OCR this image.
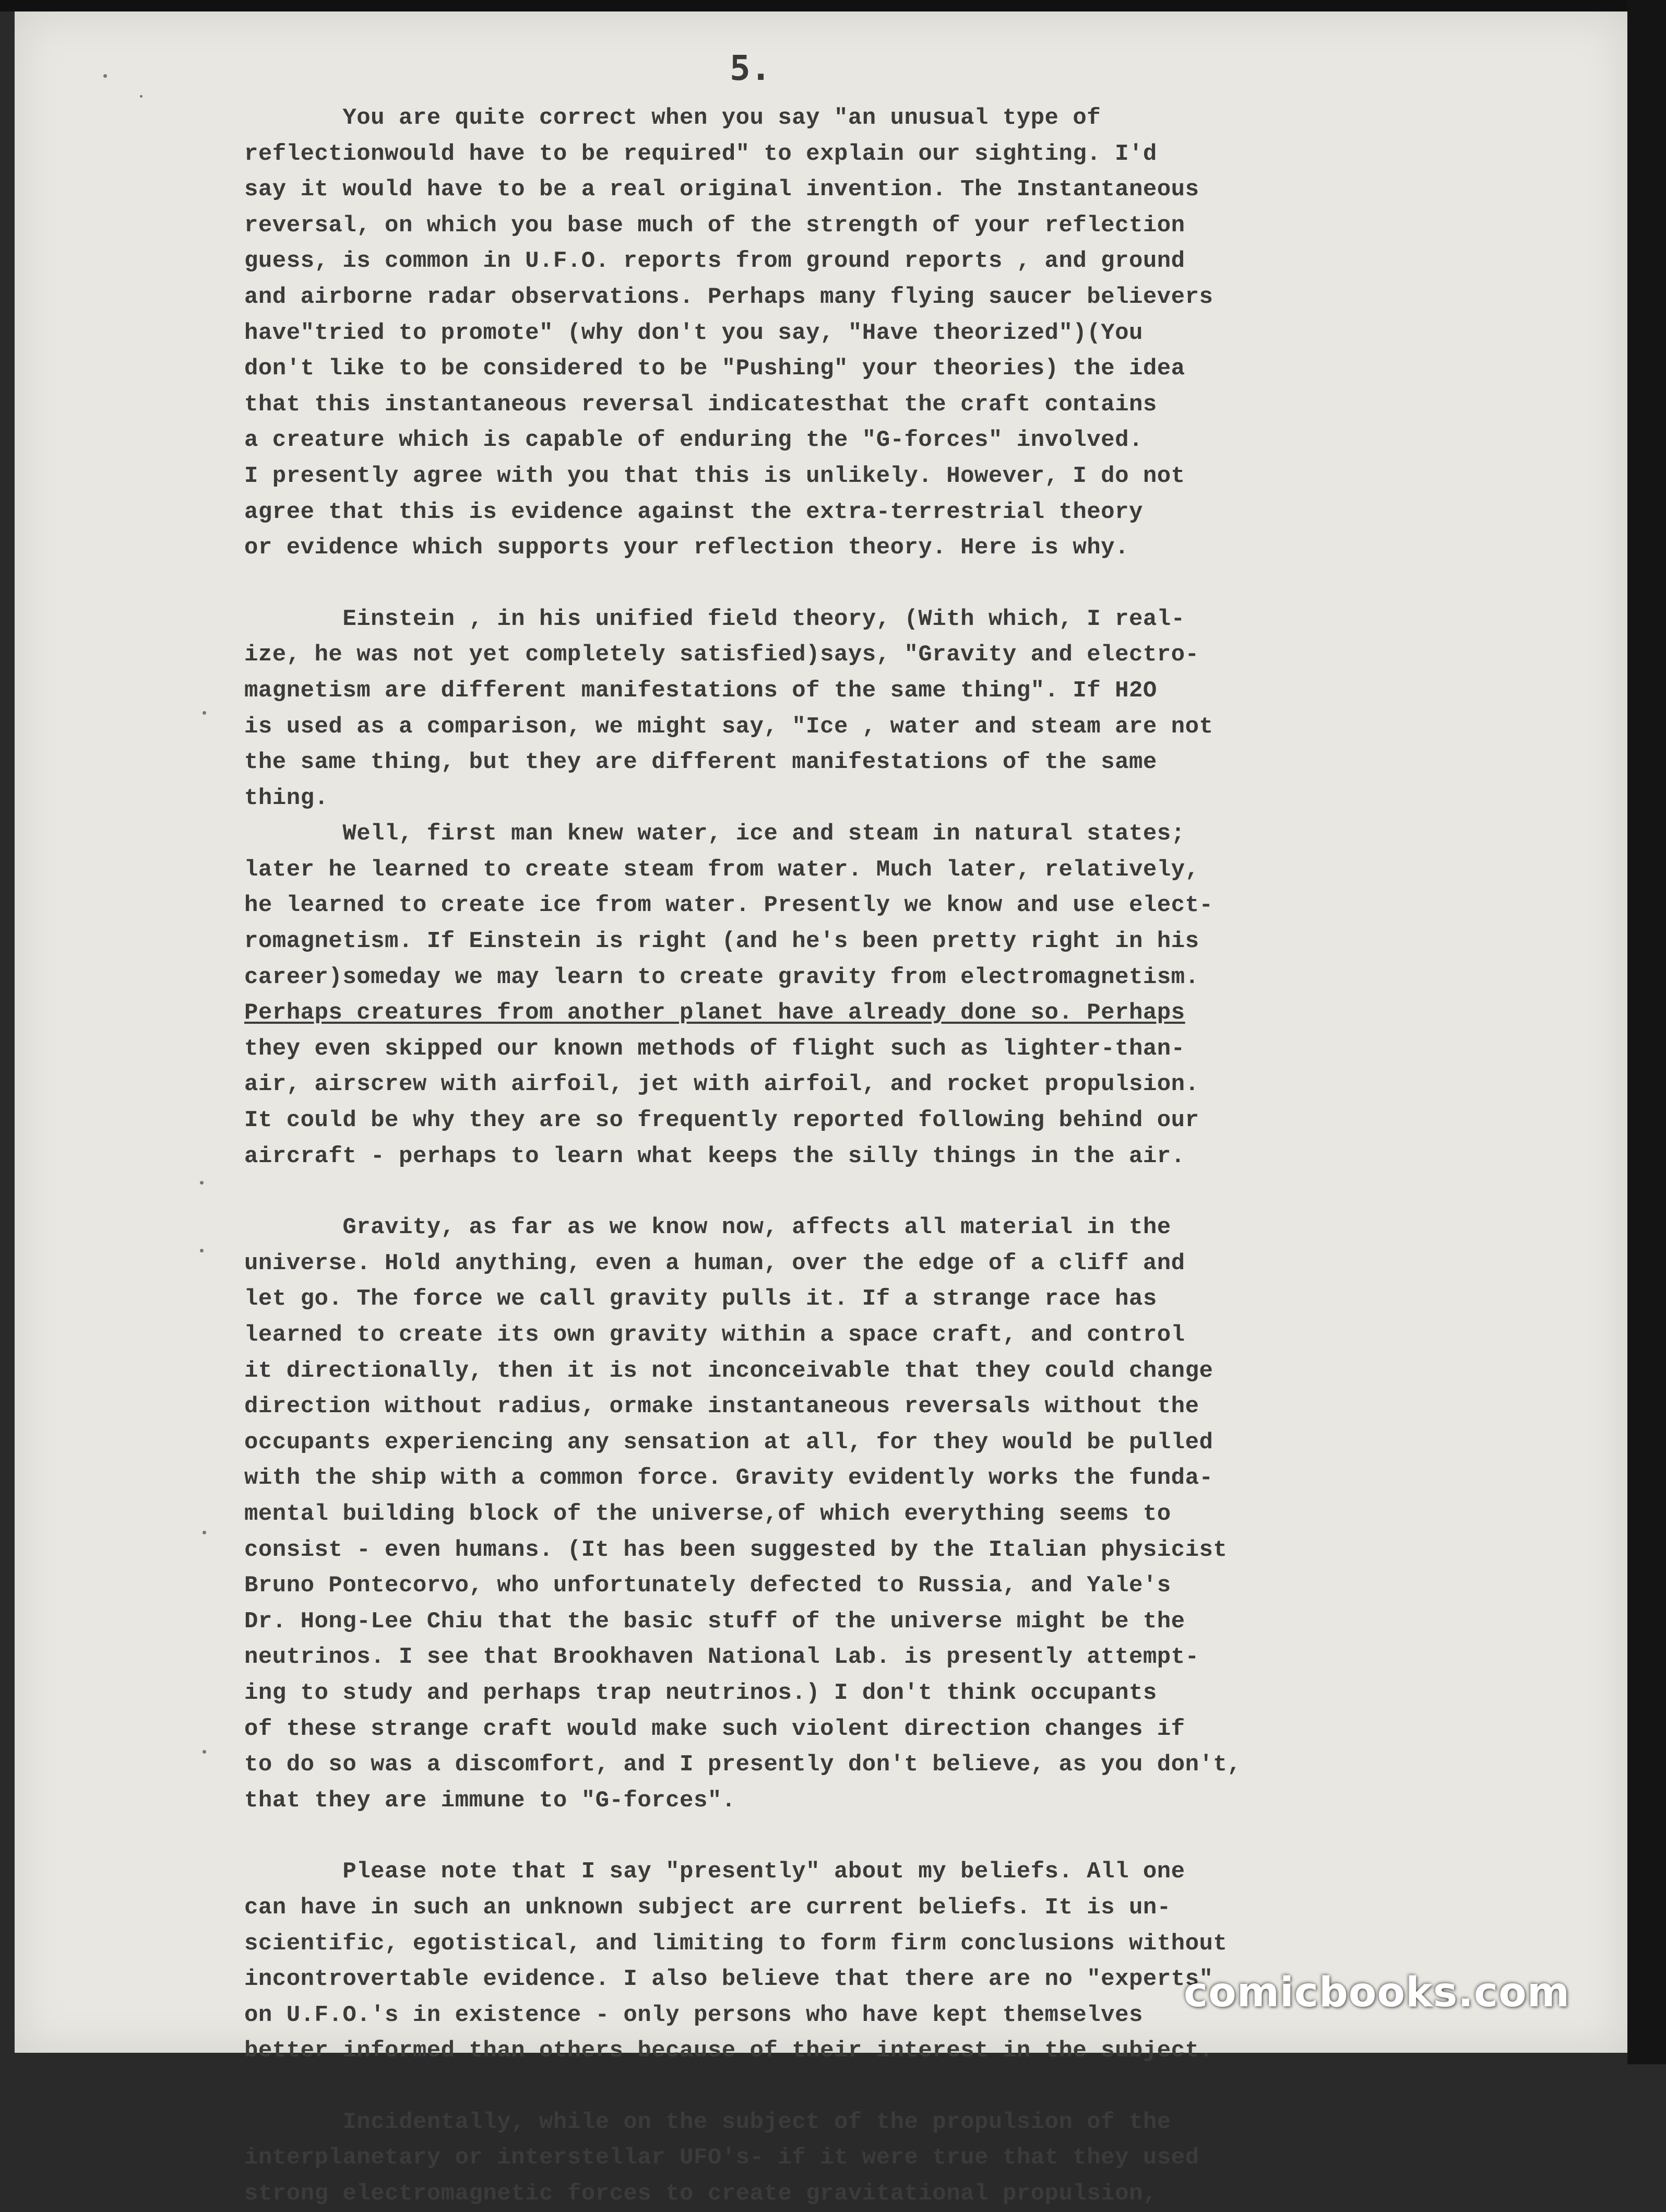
5.
You are quite correct when you say "an unusual type of
reflectionwould have to be required" to explain our sighting. I'd
say it would have to be a real original invention. The Instantaneous
reversal, on which you base much of the strength of your reflection
guess, is common in U.F.O. reports from ground reports , and ground
and airborne radar observations. Perhaps many flying saucer believers
have"tried to promote" (why don't you say, "Have theorized")(You
don't like to be considered to be "Pushing" your theories) the idea
that this instantaneous reversal indicatesthat the craft contains
a creature which is capable of enduring the "G-forces" involved.
I presently agree with you that this is unlikely. However, I do not
agree that this is evidence against the extra-terrestrial theory
or evidence which supports your reflection theory. Here is why.
Einstein , in his unified field theory, (With which, I real-
ize, he was not yet completely satisfied)says, "Gravity and electro-
magnetism are different manifestations of the same thing". If H2O
is used as a comparison, we might say, "Ice , water and steam are not
the same thing, but they are different manifestations of the same
thing.
Well, first man knew water, ice and steam in natural states;
later he learned to create steam from water. Much later, relatively,
he learned to create ice from water. Presently we know and use elect-
romagnetism. If Einstein is right (and he's been pretty right in his
career)someday we may learn to create gravity from electromagnetism.
Perhaps creatures from another planet have already done so. Perhaps
they even skipped our known methods of flight such as lighter-than-
air, airscrew with airfoil, jet with airfoil, and rocket propulsion.
It could be why they are so frequently reported following behind our
aircraft - perhaps to learn what keeps the silly things in the air.
Gravity, as far as we know now, affects all material in the
universe. Hold anything, even a human, over the edge of a cliff and
let go. The force we call gravity pulls it. If a strange race has
learned to create its own gravity within a space craft, and control
it directionally, then it is not inconceivable that they could change
direction without radius, ormake instantaneous reversals without the
occupants experiencing any sensation at all, for they would be pulled
with the ship with a common force. Gravity evidently works the funda-
mental building block of the universe,of which everything seems to
consist - even humans. (It has been suggested by the Italian physicist
Bruno Pontecorvo, who unfortunately defected to Russia, and Yale's
Dr. Hong-Lee Chiu that the basic stuff of the universe might be the
neutrinos. I see that Brookhaven National Lab. is presently attempt-
ing to study and perhaps trap neutrinos.) I don't think occupants
of these strange craft would make such violent direction changes if
to do so was a discomfort, and I presently don't believe, as you don't,
that they are immune to "G-forces".
Please note that I say "presently" about my beliefs. All one
can have in such an unknown subject are current beliefs. It is un-
scientific, egotistical, and limiting to form firm conclusions without
incontrovertable evidence. I also believe that there are no "experts"
on U.F.O.'s in existence - only persons who have kept themselves
better informed than others because of their interest in the subject.
Incidentally, while on the subject of the propulsion of the
interplanetary or interstellar UFO's- if it were true that they used
strong electromagnetic forces to create gravitational propulsion,
comicbooks.com
